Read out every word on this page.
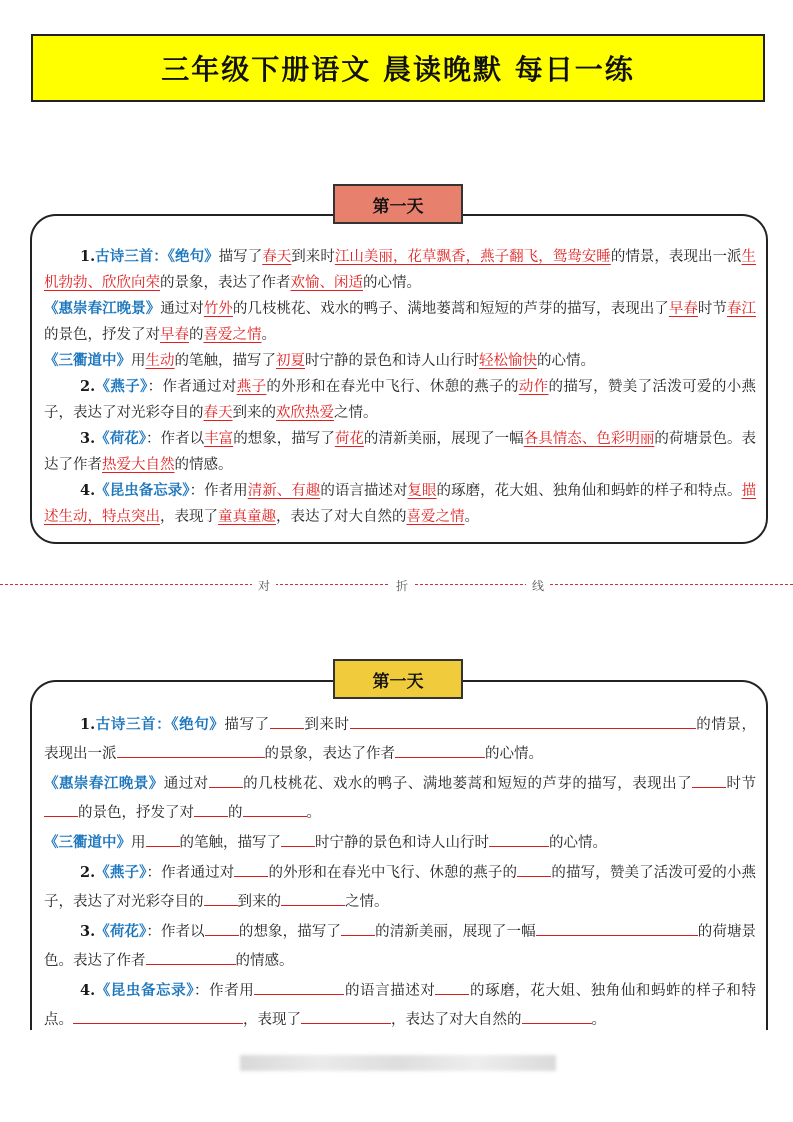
三年级下册语文 晨读晚默 每日一练
第一天

1.古诗三首：《绝句》描写了春天到来时江山美丽，花草飘香，燕子翻飞，鸳鸯安睡的情景，表现出一派生机勃勃、欣欣向荣的景象，表达了作者欢愉、闲适的心情。

《惠崇春江晚景》通过对竹外的几枝桃花、戏水的鸭子、满地蒌蒿和短短的芦芽的描写，表现出了早春时节春江的景色，抒发了对早春的喜爱之情。

《三衢道中》用生动的笔触，描写了初夏时宁静的景色和诗人山行时轻松愉快的心情。

2.《燕子》：作者通过对燕子的外形和在春光中飞行、休憩的燕子的动作的描写，赞美了活泼可爱的小燕子，表达了对光彩夺目的春天到来的欢欣热爱之情。

3.《荷花》：作者以丰富的想象，描写了荷花的清新美丽，展现了一幅各具情态、色彩明丽的荷塘景色。表达了作者热爱大自然的情感。

4.《昆虫备忘录》：作者用清新、有趣的语言描述对复眼的琢磨，花大姐、独角仙和蚂蚱的样子和特点。描述生动，特点突出，表现了童真童趣，表达了对大自然的喜爱之情。

对	折	线
第一天

1.古诗三首：《绝句》描写了 到来时	的情景，表现出一派	的景象，表达了作者	的心情。

《惠崇春江晚景》通过对 的几枝桃花、戏水的鸭子、满地蒌蒿和短短的芦芽的描写，表现出了 时节的景色，抒发了对 的	。

《三衢道中》用 的笔触，描写了 时宁静的景色和诗人山行时	的心情。

2.《燕子》：作者通过对 的外形和在春光中飞行、休憩的燕子的 的描写，赞美了活泼可爱的小燕子，表达了对光彩夺目的 到来的	之情。

3.《荷花》：作者以 的想象，描写了 的清新美丽，展现了一幅	的荷塘景色。表达了作者	的情感。

4.《昆虫备忘录》：作者用	的语言描述对 的琢磨，花大姐、独角仙和蚂蚱的样子和特点。	，表现了	，表达了对大自然的	。
